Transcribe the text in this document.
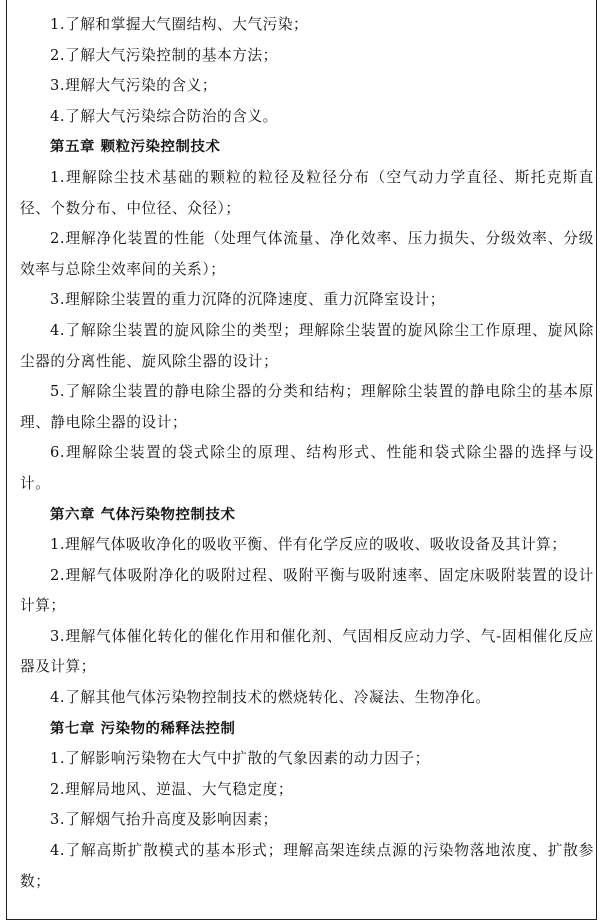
1.了解和掌握大气圈结构、大气污染；

2.了解大气污染控制的基本方法；

3.理解大气污染的含义；

4.了解大气污染综合防治的含义。

第五章 颗粒污染控制技术

1.理解除尘技术基础的颗粒的粒径及粒径分布（空气动力学直径、斯托克斯直径、个数分布、中位径、众径）；

2.理解净化装置的性能（处理气体流量、净化效率、压力损失、分级效率、分级效率与总除尘效率间的关系）；

3.理解除尘装置的重力沉降的沉降速度、重力沉降室设计；

4.了解除尘装置的旋风除尘的类型；理解除尘装置的旋风除尘工作原理、旋风除尘器的分离性能、旋风除尘器的设计；

5.了解除尘装置的静电除尘器的分类和结构；理解除尘装置的静电除尘的基本原理、静电除尘器的设计；

6.理解除尘装置的袋式除尘的原理、结构形式、性能和袋式除尘器的选择与设计。

第六章 气体污染物控制技术

1.理解气体吸收净化的吸收平衡、伴有化学反应的吸收、吸收设备及其计算；

2.理解气体吸附净化的吸附过程、吸附平衡与吸附速率、固定床吸附装置的设计计算；

3.理解气体催化转化的催化作用和催化剂、气固相反应动力学、气-固相催化反应器及计算；

4.了解其他气体污染物控制技术的燃烧转化、冷凝法、生物净化。

第七章 污染物的稀释法控制

1.了解影响污染物在大气中扩散的气象因素的动力因子；

2.理解局地风、逆温、大气稳定度；

3.了解烟气抬升高度及影响因素；

4.了解高斯扩散模式的基本形式；理解高架连续点源的污染物落地浓度、扩散参数；
